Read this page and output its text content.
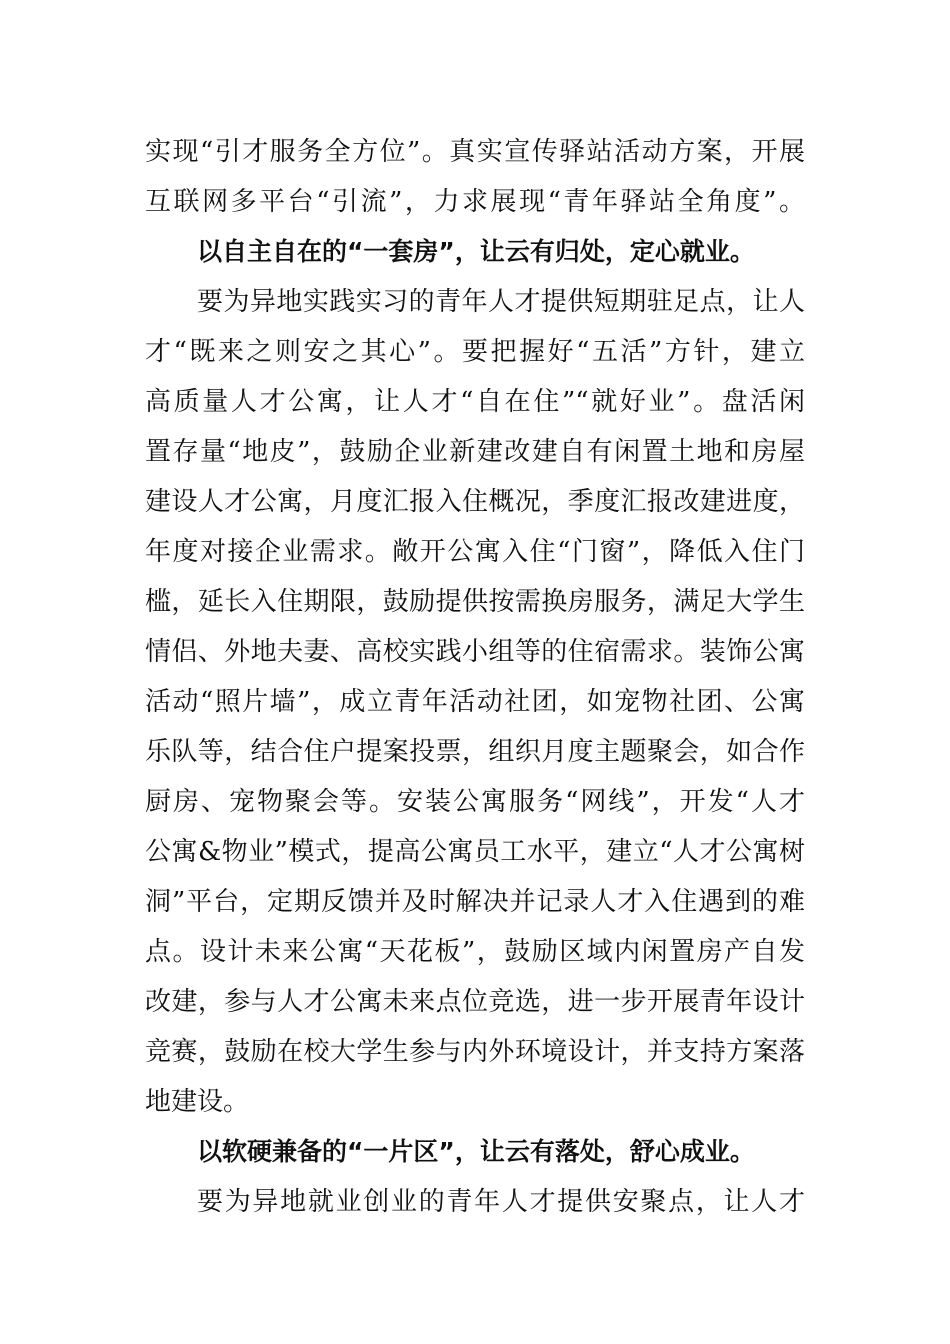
实现“引才服务全方位”。真实宣传驿站活动方案，开展
互联网多平台“引流”，力求展现“青年驿站全角度”。
以自主自在的“一套房”，让云有归处，定心就业。
要为异地实践实习的青年人才提供短期驻足点，让人
才“既来之则安之其心”。要把握好“五活”方针，建立
高质量人才公寓，让人才“自在住”“就好业”。盘活闲
置存量“地皮”，鼓励企业新建改建自有闲置土地和房屋
建设人才公寓，月度汇报入住概况，季度汇报改建进度，
年度对接企业需求。敞开公寓入住“门窗”，降低入住门
槛，延长入住期限，鼓励提供按需换房服务，满足大学生
情侣、外地夫妻、高校实践小组等的住宿需求。装饰公寓
活动“照片墙”，成立青年活动社团，如宠物社团、公寓
乐队等，结合住户提案投票，组织月度主题聚会，如合作
厨房、宠物聚会等。安装公寓服务“网线”，开发“人才
公寓&物业”模式，提高公寓员工水平，建立“人才公寓树
洞”平台，定期反馈并及时解决并记录人才入住遇到的难
点。设计未来公寓“天花板”，鼓励区域内闲置房产自发
改建，参与人才公寓未来点位竞选，进一步开展青年设计
竞赛，鼓励在校大学生参与内外环境设计，并支持方案落
地建设。
以软硬兼备的“一片区”，让云有落处，舒心成业。
要为异地就业创业的青年人才提供安聚点，让人才
